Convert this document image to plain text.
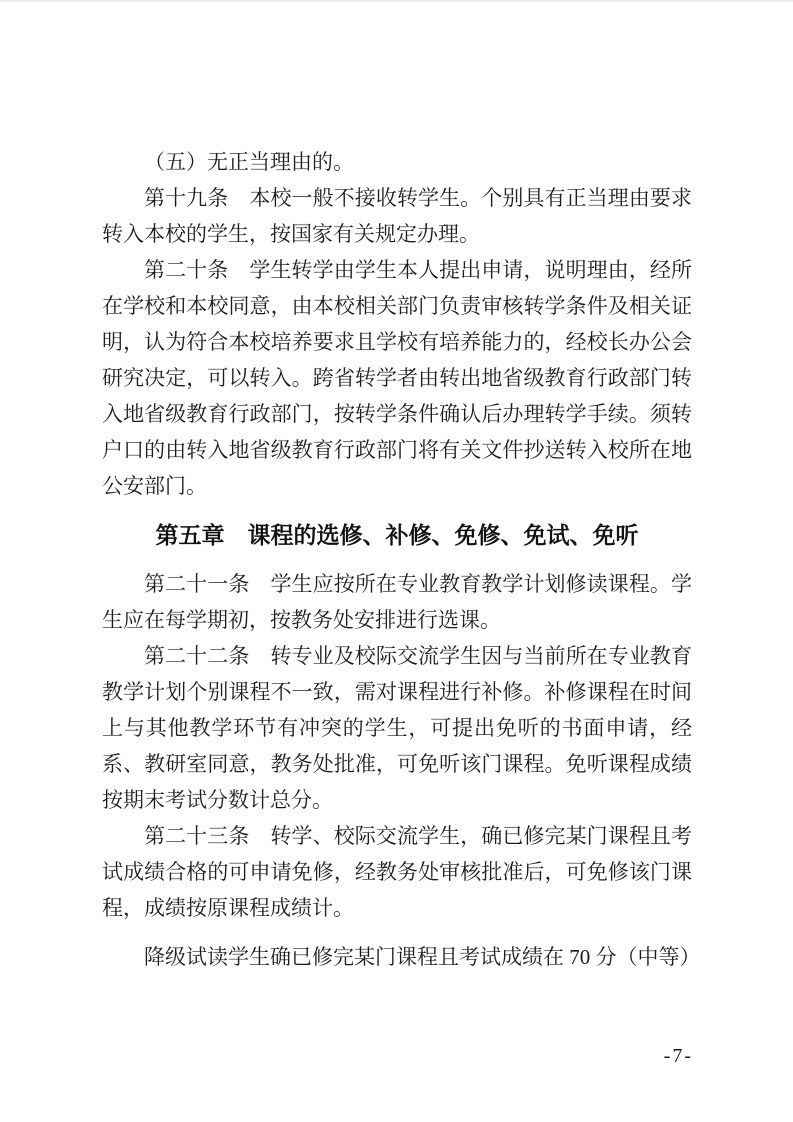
（五）无正当理由的。

第十九条　本校一般不接收转学生。个别具有正当理由要求转入本校的学生，按国家有关规定办理。

第二十条　学生转学由学生本人提出申请，说明理由，经所在学校和本校同意，由本校相关部门负责审核转学条件及相关证明，认为符合本校培养要求且学校有培养能力的，经校长办公会研究决定，可以转入。跨省转学者由转出地省级教育行政部门转入地省级教育行政部门，按转学条件确认后办理转学手续。须转户口的由转入地省级教育行政部门将有关文件抄送转入校所在地公安部门。

第五章　课程的选修、补修、免修、免试、免听

第二十一条　学生应按所在专业教育教学计划修读课程。学生应在每学期初，按教务处安排进行选课。

第二十二条　转专业及校际交流学生因与当前所在专业教育教学计划个别课程不一致，需对课程进行补修。补修课程在时间上与其他教学环节有冲突的学生，可提出免听的书面申请，经系、教研室同意，教务处批准，可免听该门课程。免听课程成绩按期末考试分数计总分。

第二十三条　转学、校际交流学生，确已修完某门课程且考试成绩合格的可申请免修，经教务处审核批准后，可免修该门课程，成绩按原课程成绩计。

降级试读学生确已修完某门课程且考试成绩在 70 分（中等）

-7-
